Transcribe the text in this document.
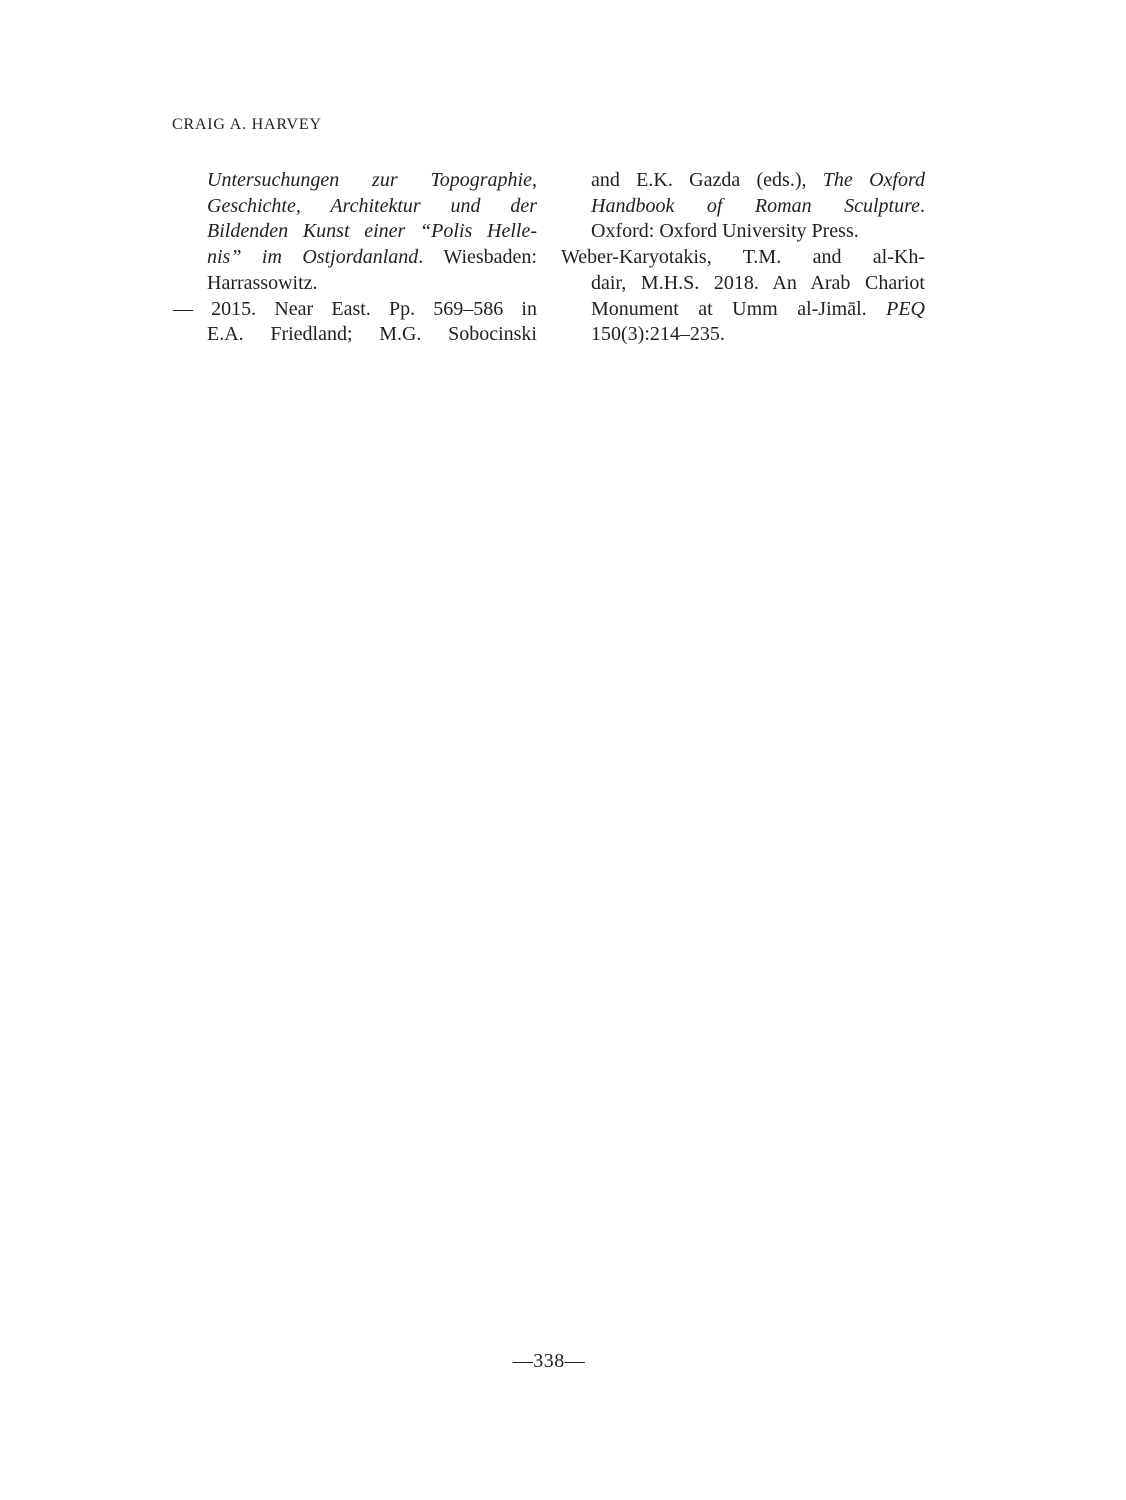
CRAIG A. HARVEY
Untersuchungen zur Topographie,
Geschichte, Architektur und der
Bildenden Kunst einer “Polis Helle-
nis” im Ostjordanland. Wiesbaden:
Harrassowitz.
— 2015. Near East. Pp. 569–586 in
E.A. Friedland; M.G. Sobocinski
and E.K. Gazda (eds.), The Oxford
Handbook of Roman Sculpture.
Oxford: Oxford University Press.
Weber-Karyotakis, T.M. and al-Kh-
dair, M.H.S. 2018. An Arab Chariot
Monument at Umm al-Jimāl. PEQ
150(3):214–235.
—338—
